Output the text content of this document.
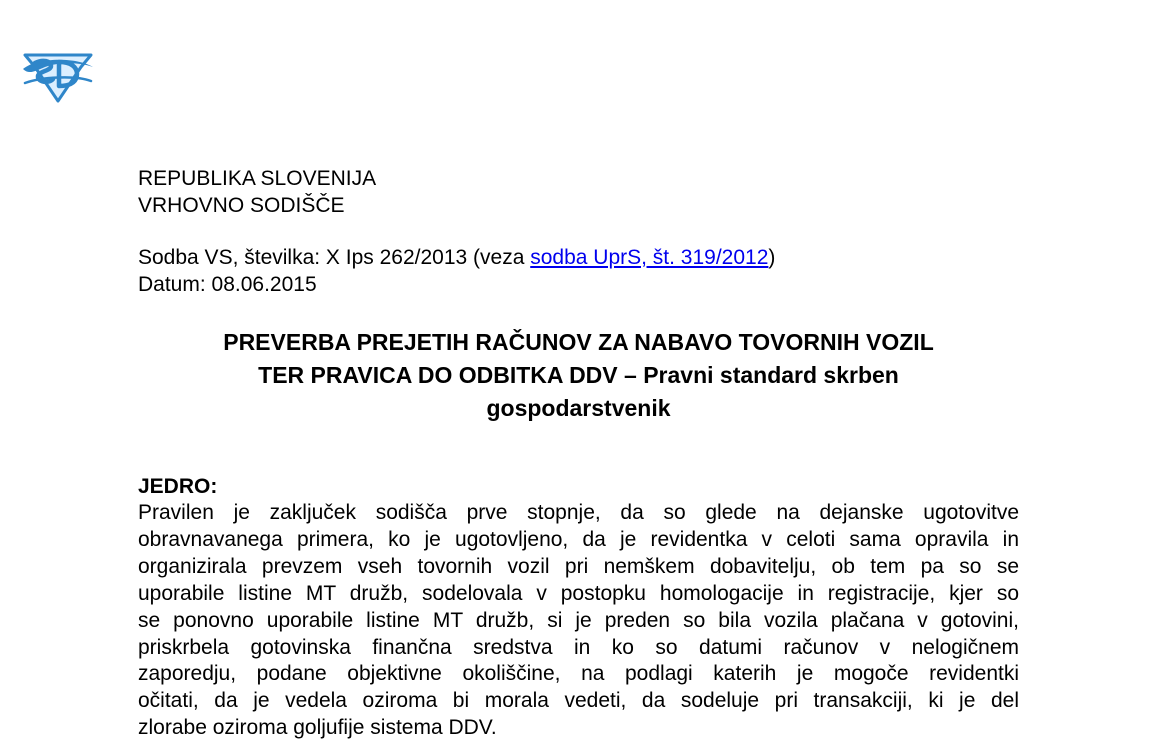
REPUBLIKA SLOVENIJA
VRHOVNO SODIŠČE
Sodba VS, številka: X Ips 262/2013 (veza sodba UprS, št. 319/2012)
Datum: 08.06.2015
PREVERBA PREJETIH RAČUNOV ZA NABAVO TOVORNIH VOZIL
TER PRAVICA DO ODBITKA DDV – Pravni standard skrben
gospodarstvenik
JEDRO:

Pravilen je zaključek sodišča prve stopnje, da so glede na dejanske ugotovitve
obravnavanega primera, ko je ugotovljeno, da je revidentka v celoti sama opravila in
organizirala prevzem vseh tovornih vozil pri nemškem dobavitelju, ob tem pa so se
uporabile listine MT družb, sodelovala v postopku homologacije in registracije, kjer so
se ponovno uporabile listine MT družb, si je preden so bila vozila plačana v gotovini,
priskrbela gotovinska finančna sredstva in ko so datumi računov v nelogičnem
zaporedju, podane objektivne okoliščine, na podlagi katerih je mogoče revidentki
očitati, da je vedela oziroma bi morala vedeti, da sodeluje pri transakciji, ki je del
zlorabe oziroma goljufije sistema DDV.
